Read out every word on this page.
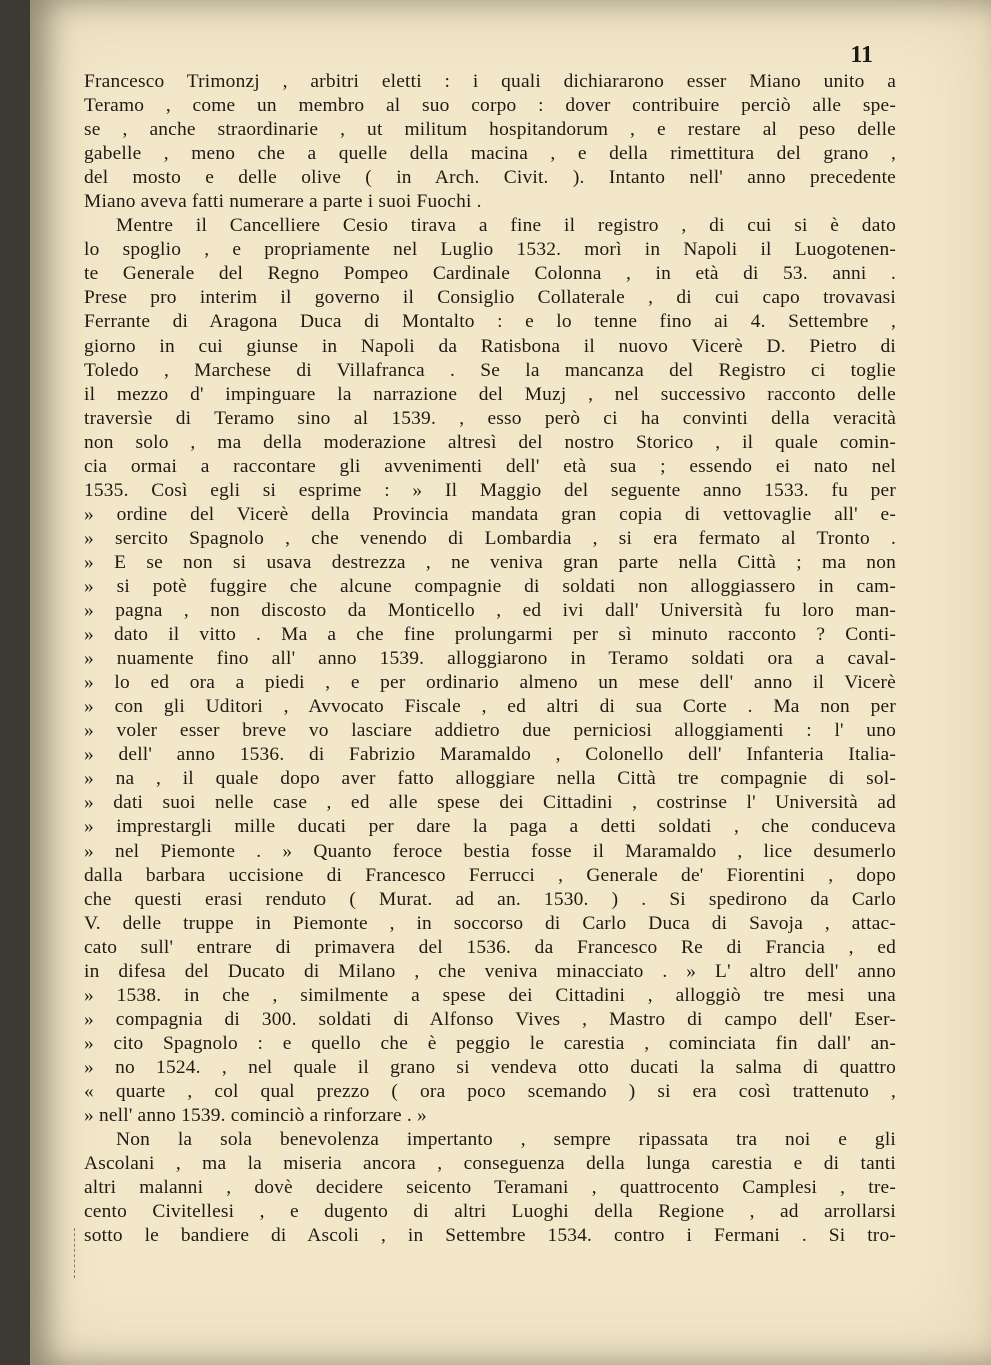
11
Francesco Trimonzj , arbitri eletti : i quali dichiararono esser Miano unito a
Teramo , come un membro al suo corpo : dover contribuire perciò alle spe-
se , anche straordinarie , ut militum hospitandorum , e restare al peso delle
gabelle , meno che a quelle della macina , e della rimettitura del grano ,
del mosto e delle olive ( in Arch. Civit. ). Intanto nell' anno precedente
Miano aveva fatti numerare a parte i suoi Fuochi .
Mentre il Cancelliere Cesio tirava a fine il registro , di cui si è dato
lo spoglio , e propriamente nel Luglio 1532. morì in Napoli il Luogotenen-
te Generale del Regno Pompeo Cardinale Colonna , in età di 53. anni .
Prese pro interim il governo il Consiglio Collaterale , di cui capo trovavasi
Ferrante di Aragona Duca di Montalto : e lo tenne fino ai 4. Settembre ,
giorno in cui giunse in Napoli da Ratisbona il nuovo Vicerè D. Pietro di
Toledo , Marchese di Villafranca . Se la mancanza del Registro ci toglie
il mezzo d' impinguare la narrazione del Muzj , nel successivo racconto delle
traversìe di Teramo sino al 1539. , esso però ci ha convinti della veracità
non solo , ma della moderazione altresì del nostro Storico , il quale comin-
cia ormai a raccontare gli avvenimenti dell' età sua ; essendo ei nato nel
1535. Così egli si esprime : » Il Maggio del seguente anno 1533. fu per
» ordine del Vicerè della Provincia mandata gran copia di vettovaglie all' e-
» sercito Spagnolo , che venendo di Lombardia , si era fermato al Tronto .
» E se non si usava destrezza , ne veniva gran parte nella Città ; ma non
» si potè fuggire che alcune compagnie di soldati non alloggiassero in cam-
» pagna , non discosto da Monticello , ed ivi dall' Università fu loro man-
» dato il vitto . Ma a che fine prolungarmi per sì minuto racconto ? Conti-
» nuamente fino all' anno 1539. alloggiarono in Teramo soldati ora a caval-
» lo ed ora a piedi , e per ordinario almeno un mese dell' anno il Vicerè
» con gli Uditori , Avvocato Fiscale , ed altri di sua Corte . Ma non per
» voler esser breve vo lasciare addietro due perniciosi alloggiamenti : l' uno
» dell' anno 1536. di Fabrizio Maramaldo , Colonello dell' Infanteria Italia-
» na , il quale dopo aver fatto alloggiare nella Città tre compagnie di sol-
» dati suoi nelle case , ed alle spese dei Cittadini , costrinse l' Università ad
» imprestargli mille ducati per dare la paga a detti soldati , che conduceva
» nel Piemonte . » Quanto feroce bestia fosse il Maramaldo , lice desumerlo
dalla barbara uccisione di Francesco Ferrucci , Generale de' Fiorentini , dopo
che questi erasi renduto ( Murat. ad an. 1530. ) . Si spedirono da Carlo
V. delle truppe in Piemonte , in soccorso di Carlo Duca di Savoja , attac-
cato sull' entrare di primavera del 1536. da Francesco Re di Francia , ed
in difesa del Ducato di Milano , che veniva minacciato . » L' altro dell' anno
» 1538. in che , similmente a spese dei Cittadini , alloggiò tre mesi una
» compagnia di 300. soldati di Alfonso Vives , Mastro di campo dell' Eser-
» cito Spagnolo : e quello che è peggio le carestia , cominciata fin dall' an-
» no 1524. , nel quale il grano si vendeva otto ducati la salma di quattro
« quarte , col qual prezzo ( ora poco scemando ) si era così trattenuto ,
» nell' anno 1539. cominciò a rinforzare . »
Non la sola benevolenza impertanto , sempre ripassata tra noi e gli
Ascolani , ma la miseria ancora , conseguenza della lunga carestia e di tanti
altri malanni , dovè decidere seicento Teramani , quattrocento Camplesi , tre-
cento Civitellesi , e dugento di altri Luoghi della Regione , ad arrollarsi
sotto le bandiere di Ascoli , in Settembre 1534. contro i Fermani . Si tro-
